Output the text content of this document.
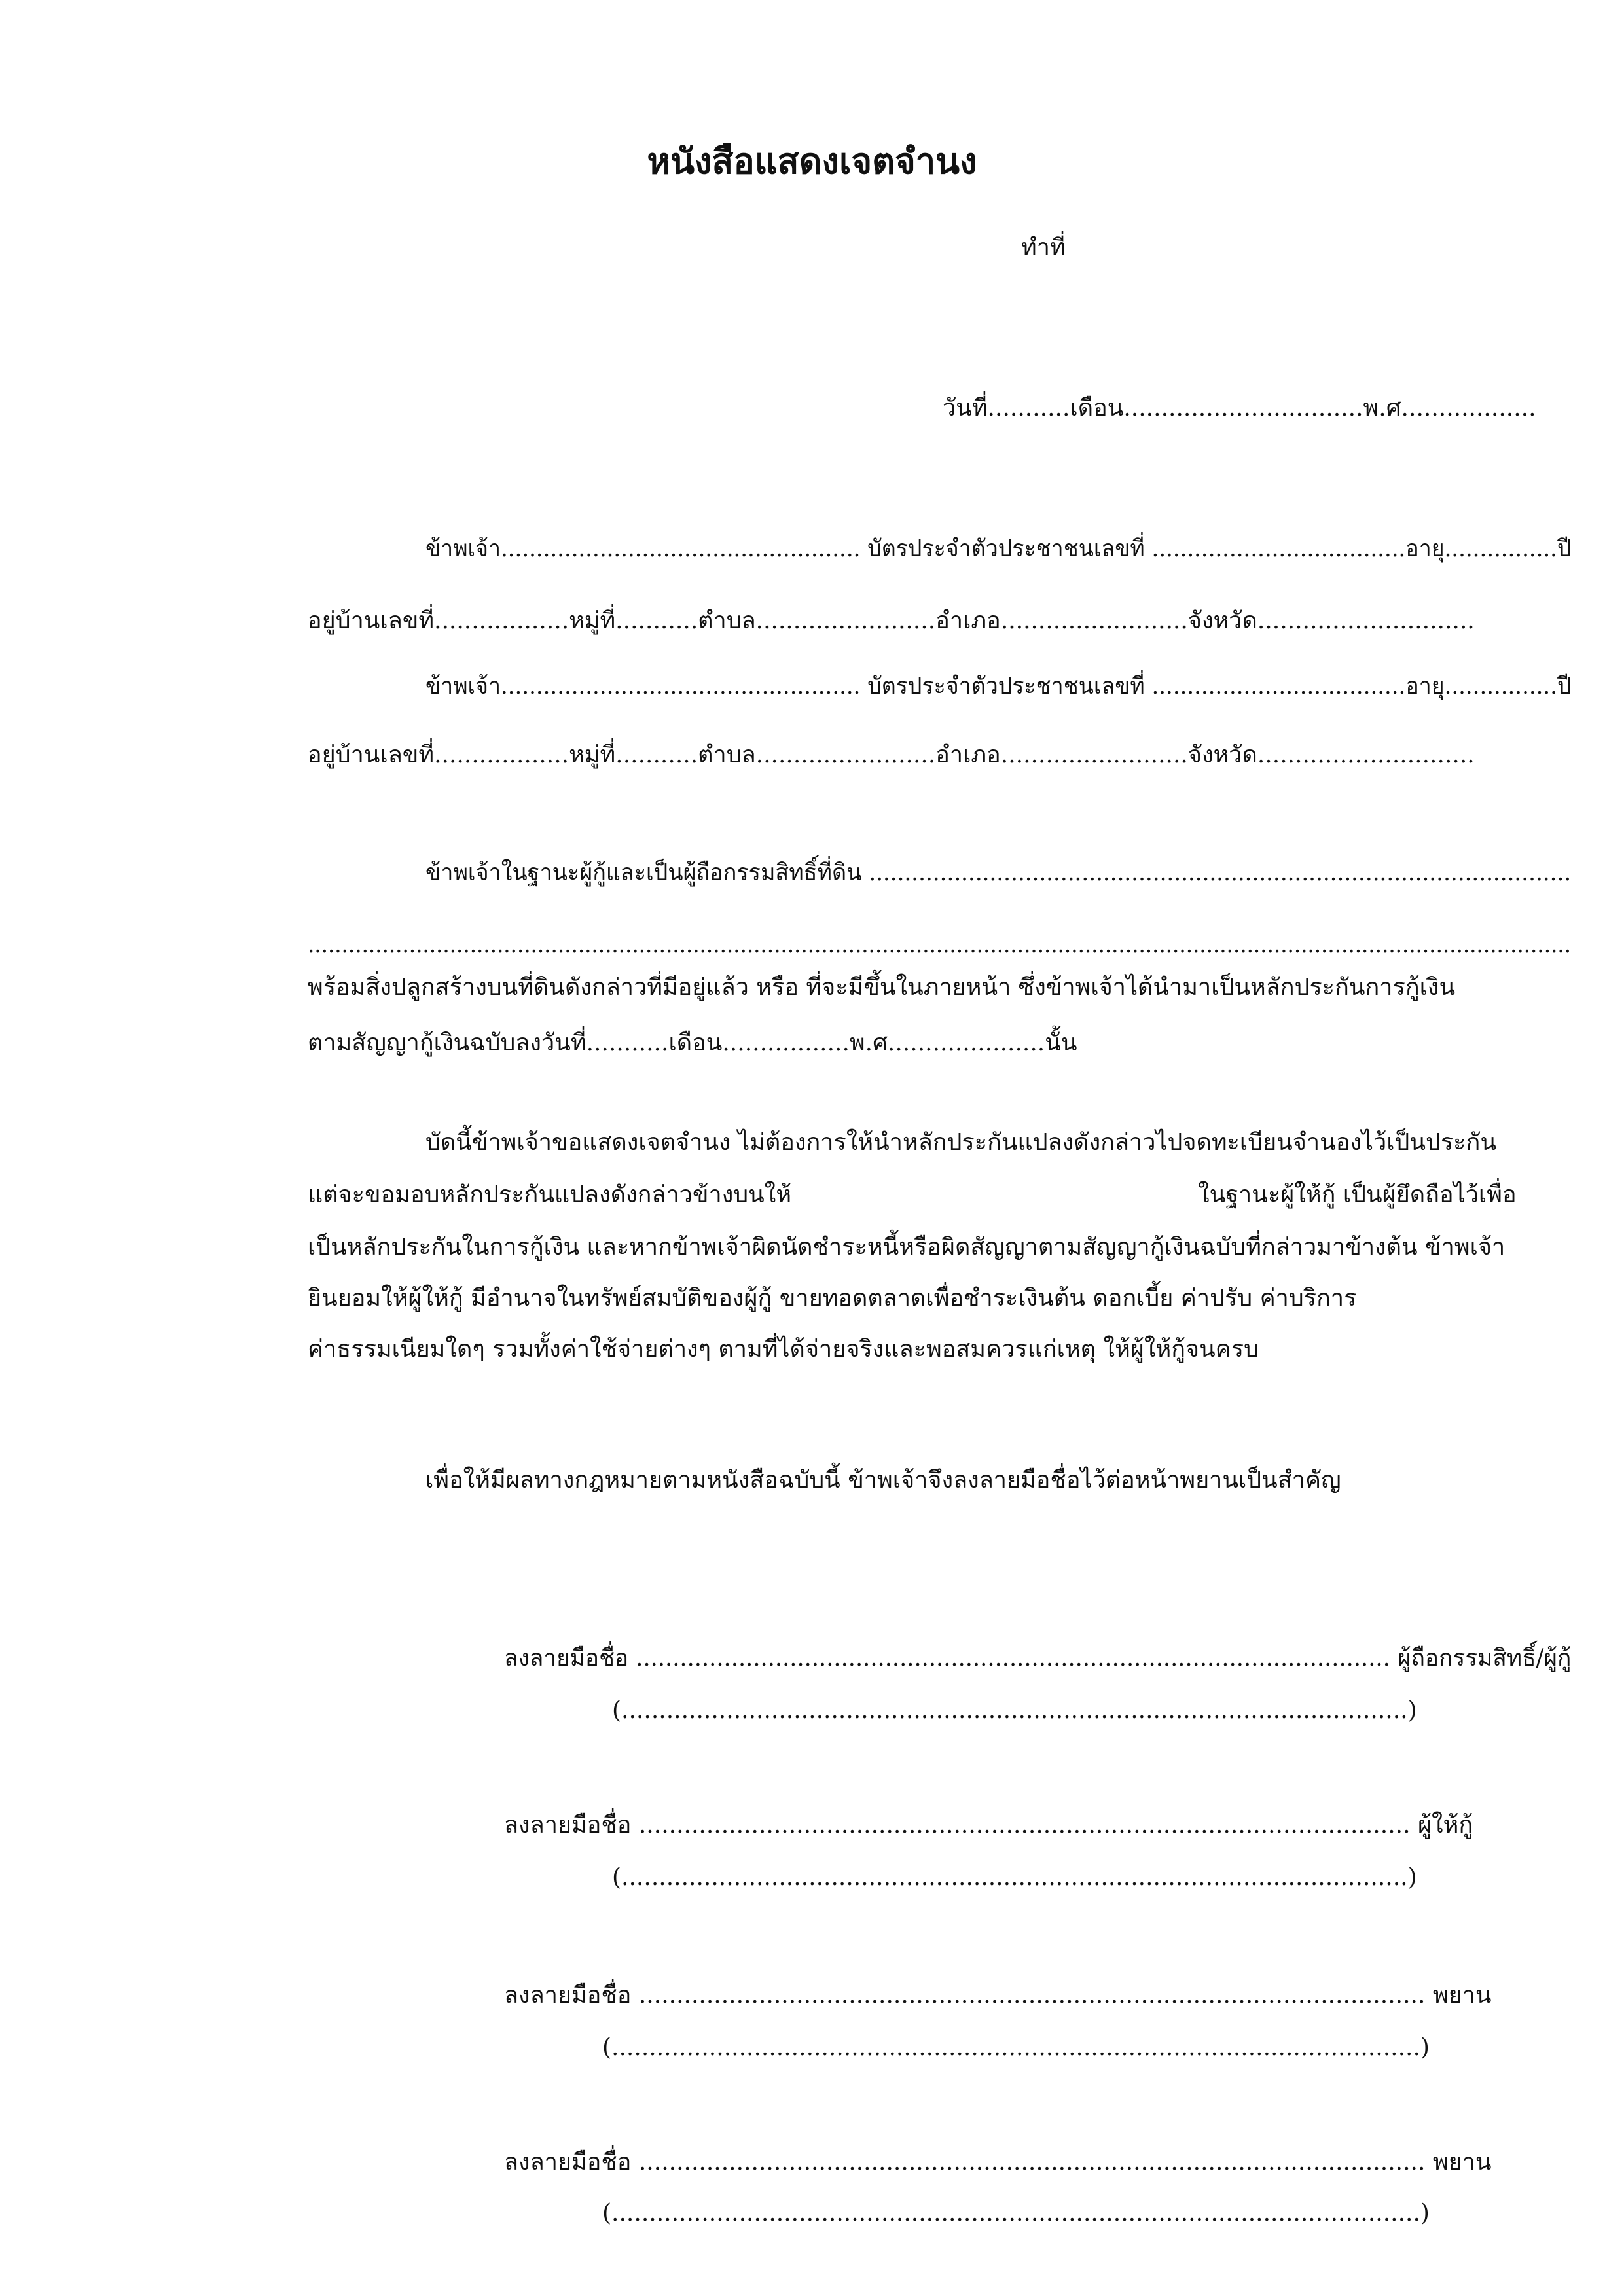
หนังสือแสดงเจตจำนง
ทำที่
วันที่...........เดือน................................พ.ศ..................
ข้าพเจ้า................................................... บัตรประจำตัวประชาชนเลขที่ ....................................อายุ................ปี
อยู่บ้านเลขที่..................หมู่ที่...........ตำบล........................อำเภอ.........................จังหวัด.............................
ข้าพเจ้า................................................... บัตรประจำตัวประชาชนเลขที่ ....................................อายุ................ปี
อยู่บ้านเลขที่..................หมู่ที่...........ตำบล........................อำเภอ.........................จังหวัด.............................
ข้าพเจ้าในฐานะผู้กู้และเป็นผู้ถือกรรมสิทธิ์ที่ดิน ...................................................................................................
...........................................................................................................................................................................................
พร้อมสิ่งปลูกสร้างบนที่ดินดังกล่าวที่มีอยู่แล้ว หรือ ที่จะมีขึ้นในภายหน้า ซึ่งข้าพเจ้าได้นำมาเป็นหลักประกันการกู้เงิน
ตามสัญญากู้เงินฉบับลงวันที่...........เดือน.................พ.ศ.....................นั้น
บัดนี้ข้าพเจ้าขอแสดงเจตจำนง ไม่ต้องการให้นำหลักประกันแปลงดังกล่าวไปจดทะเบียนจำนองไว้เป็นประกัน
แต่จะขอมอบหลักประกันแปลงดังกล่าวข้างบนให้	ในฐานะผู้ให้กู้ เป็นผู้ยึดถือไว้เพื่อ
เป็นหลักประกันในการกู้เงิน และหากข้าพเจ้าผิดนัดชำระหนี้หรือผิดสัญญาตามสัญญากู้เงินฉบับที่กล่าวมาข้างต้น ข้าพเจ้า
ยินยอมให้ผู้ให้กู้ มีอำนาจในทรัพย์สมบัติของผู้กู้ ขายทอดตลาดเพื่อชำระเงินต้น ดอกเบี้ย ค่าปรับ ค่าบริการ
ค่าธรรมเนียมใดๆ รวมทั้งค่าใช้จ่ายต่างๆ ตามที่ได้จ่ายจริงและพอสมควรแก่เหตุ ให้ผู้ให้กู้จนครบ
เพื่อให้มีผลทางกฎหมายตามหนังสือฉบับนี้ ข้าพเจ้าจึงลงลายมือชื่อไว้ต่อหน้าพยานเป็นสำคัญ
ลงลายมือชื่อ ....................................................................................................... ผู้ถือกรรมสิทธิ์/ผู้กู้
(.........................................................................................................)
ลงลายมือชื่อ ....................................................................................................... ผู้ให้กู้
(.........................................................................................................)
ลงลายมือชื่อ ......................................................................................................... พยาน
(............................................................................................................)
ลงลายมือชื่อ ......................................................................................................... พยาน
(............................................................................................................)
